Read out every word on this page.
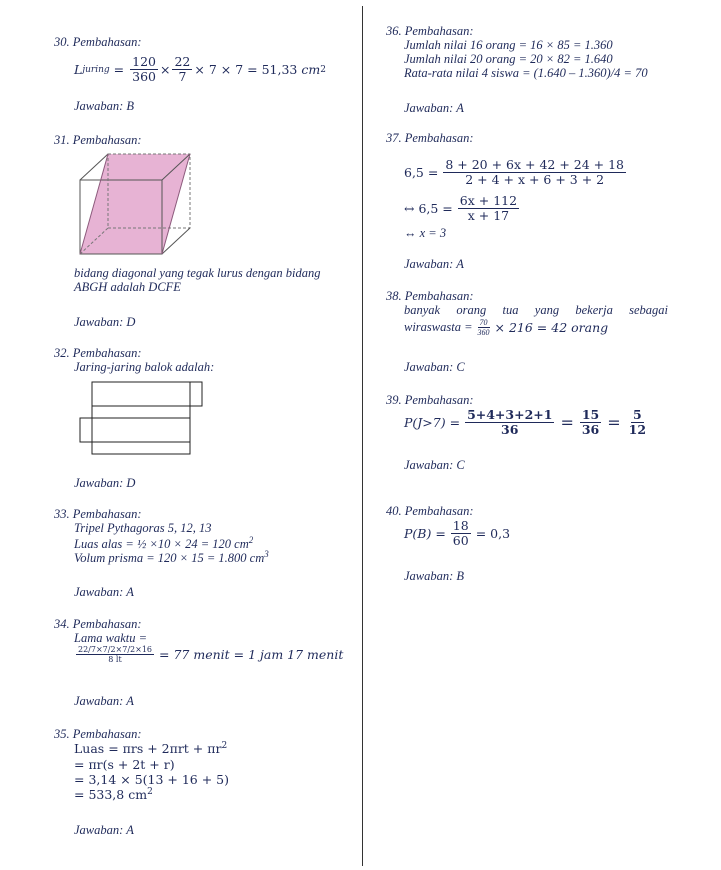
30. Pembahasan:
L juring = $\frac{120}{360} \times \frac{22}{7} \times 7 \times 7 = 51,33$ cm 2
Jawaban: B
31. Pembahasan:
bidang diagonal yang tegak lurus dengan bidang
ABGH adalah DCFE
Jawaban: D
32. Pembahasan:
Jaring-jaring balok adalah:
Jawaban: D
33. Pembahasan:
Tripel Pythagoras 5, 12, 13
Luas alas = ½ ×10 × 24 = 120 $cm^2$
Volum prisma = 120 × 15 = 1.800 $cm^3$
Jawaban: A
34. Pembahasan:
Lama waktu =
$\frac{22/7\times 7/2\times 7/2\times 16}{8 lt} = 77$ menit = 1 jam 17 menit
Jawaban: A
35. Pembahasan:
Luas = $\pi rs + 2\pi rt + \pi r^2$
= πr(s + 2t + r)
= 3,14 × 5(13 + 16 + 5)
= 533,8 $cm^2$
Jawaban: A
36. Pembahasan:
Jumlah nilai 16 orang = 16 × 85 = 1.360
Jumlah nilai 20 orang = 20 × 82 = 1.640
Rata-rata nilai 4 siswa = (1.640 – 1.360)/4 = 70
Jawaban: A
37. Pembahasan:
$6,5 = \frac{8 + 20 + 6x + 42 + 24 + 18}{2 + 4 + x + 6 + 3 + 2}$
↔ $6,5 = \frac{6x + 112}{x + 17}$
↔ x = 3
Jawaban: A
38. Pembahasan:
banyak orang tua yang bekerja sebagai
wiraswasta = $\frac{70}{360} \times 216 = 42$ orang
Jawaban: C
39. Pembahasan:
$P(J>7) = \frac{5+4+3+2+1}{36} = \frac{15}{36} = \frac{5}{12}$
Jawaban: C
40. Pembahasan:
$P(B) = \frac{18}{60} = 0,3$
Jawaban: B
